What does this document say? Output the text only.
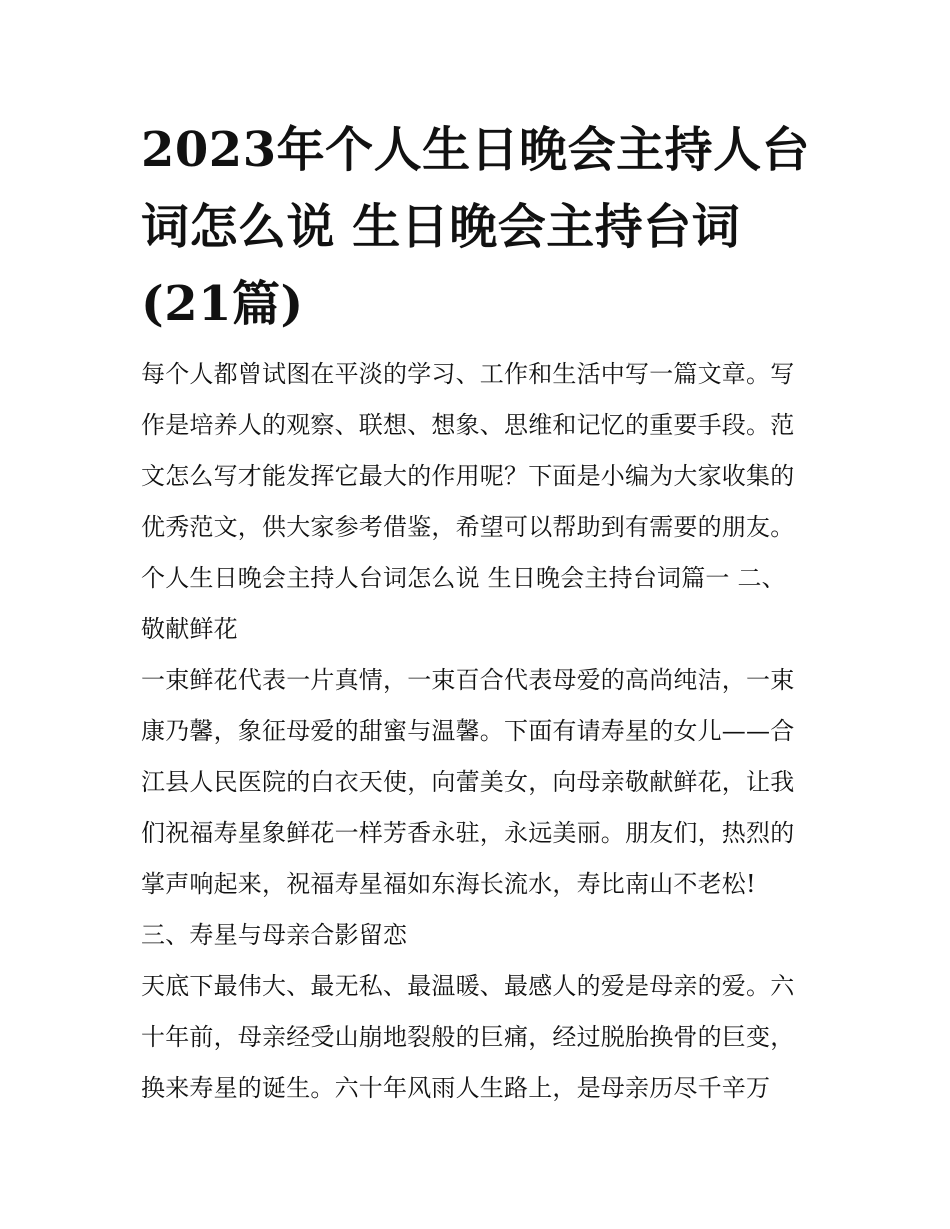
2023年个人生日晚会主持人台
词怎么说 生日晚会主持台词
(21篇)
每个人都曾试图在平淡的学习、工作和生活中写一篇文章。写
作是培养人的观察、联想、想象、思维和记忆的重要手段。范
文怎么写才能发挥它最大的作用呢？下面是小编为大家收集的
优秀范文，供大家参考借鉴，希望可以帮助到有需要的朋友。
个人生日晚会主持人台词怎么说 生日晚会主持台词篇一 二、
敬献鲜花
一束鲜花代表一片真情，一束百合代表母爱的高尚纯洁，一束
康乃馨，象征母爱的甜蜜与温馨。下面有请寿星的女儿——合
江县人民医院的白衣天使，向蕾美女，向母亲敬献鲜花，让我
们祝福寿星象鲜花一样芳香永驻，永远美丽。朋友们，热烈的
掌声响起来，祝福寿星福如东海长流水，寿比南山不老松!
三、寿星与母亲合影留恋
天底下最伟大、最无私、最温暖、最感人的爱是母亲的爱。六
十年前，母亲经受山崩地裂般的巨痛，经过脱胎换骨的巨变，
换来寿星的诞生。六十年风雨人生路上，是母亲历尽千辛万
